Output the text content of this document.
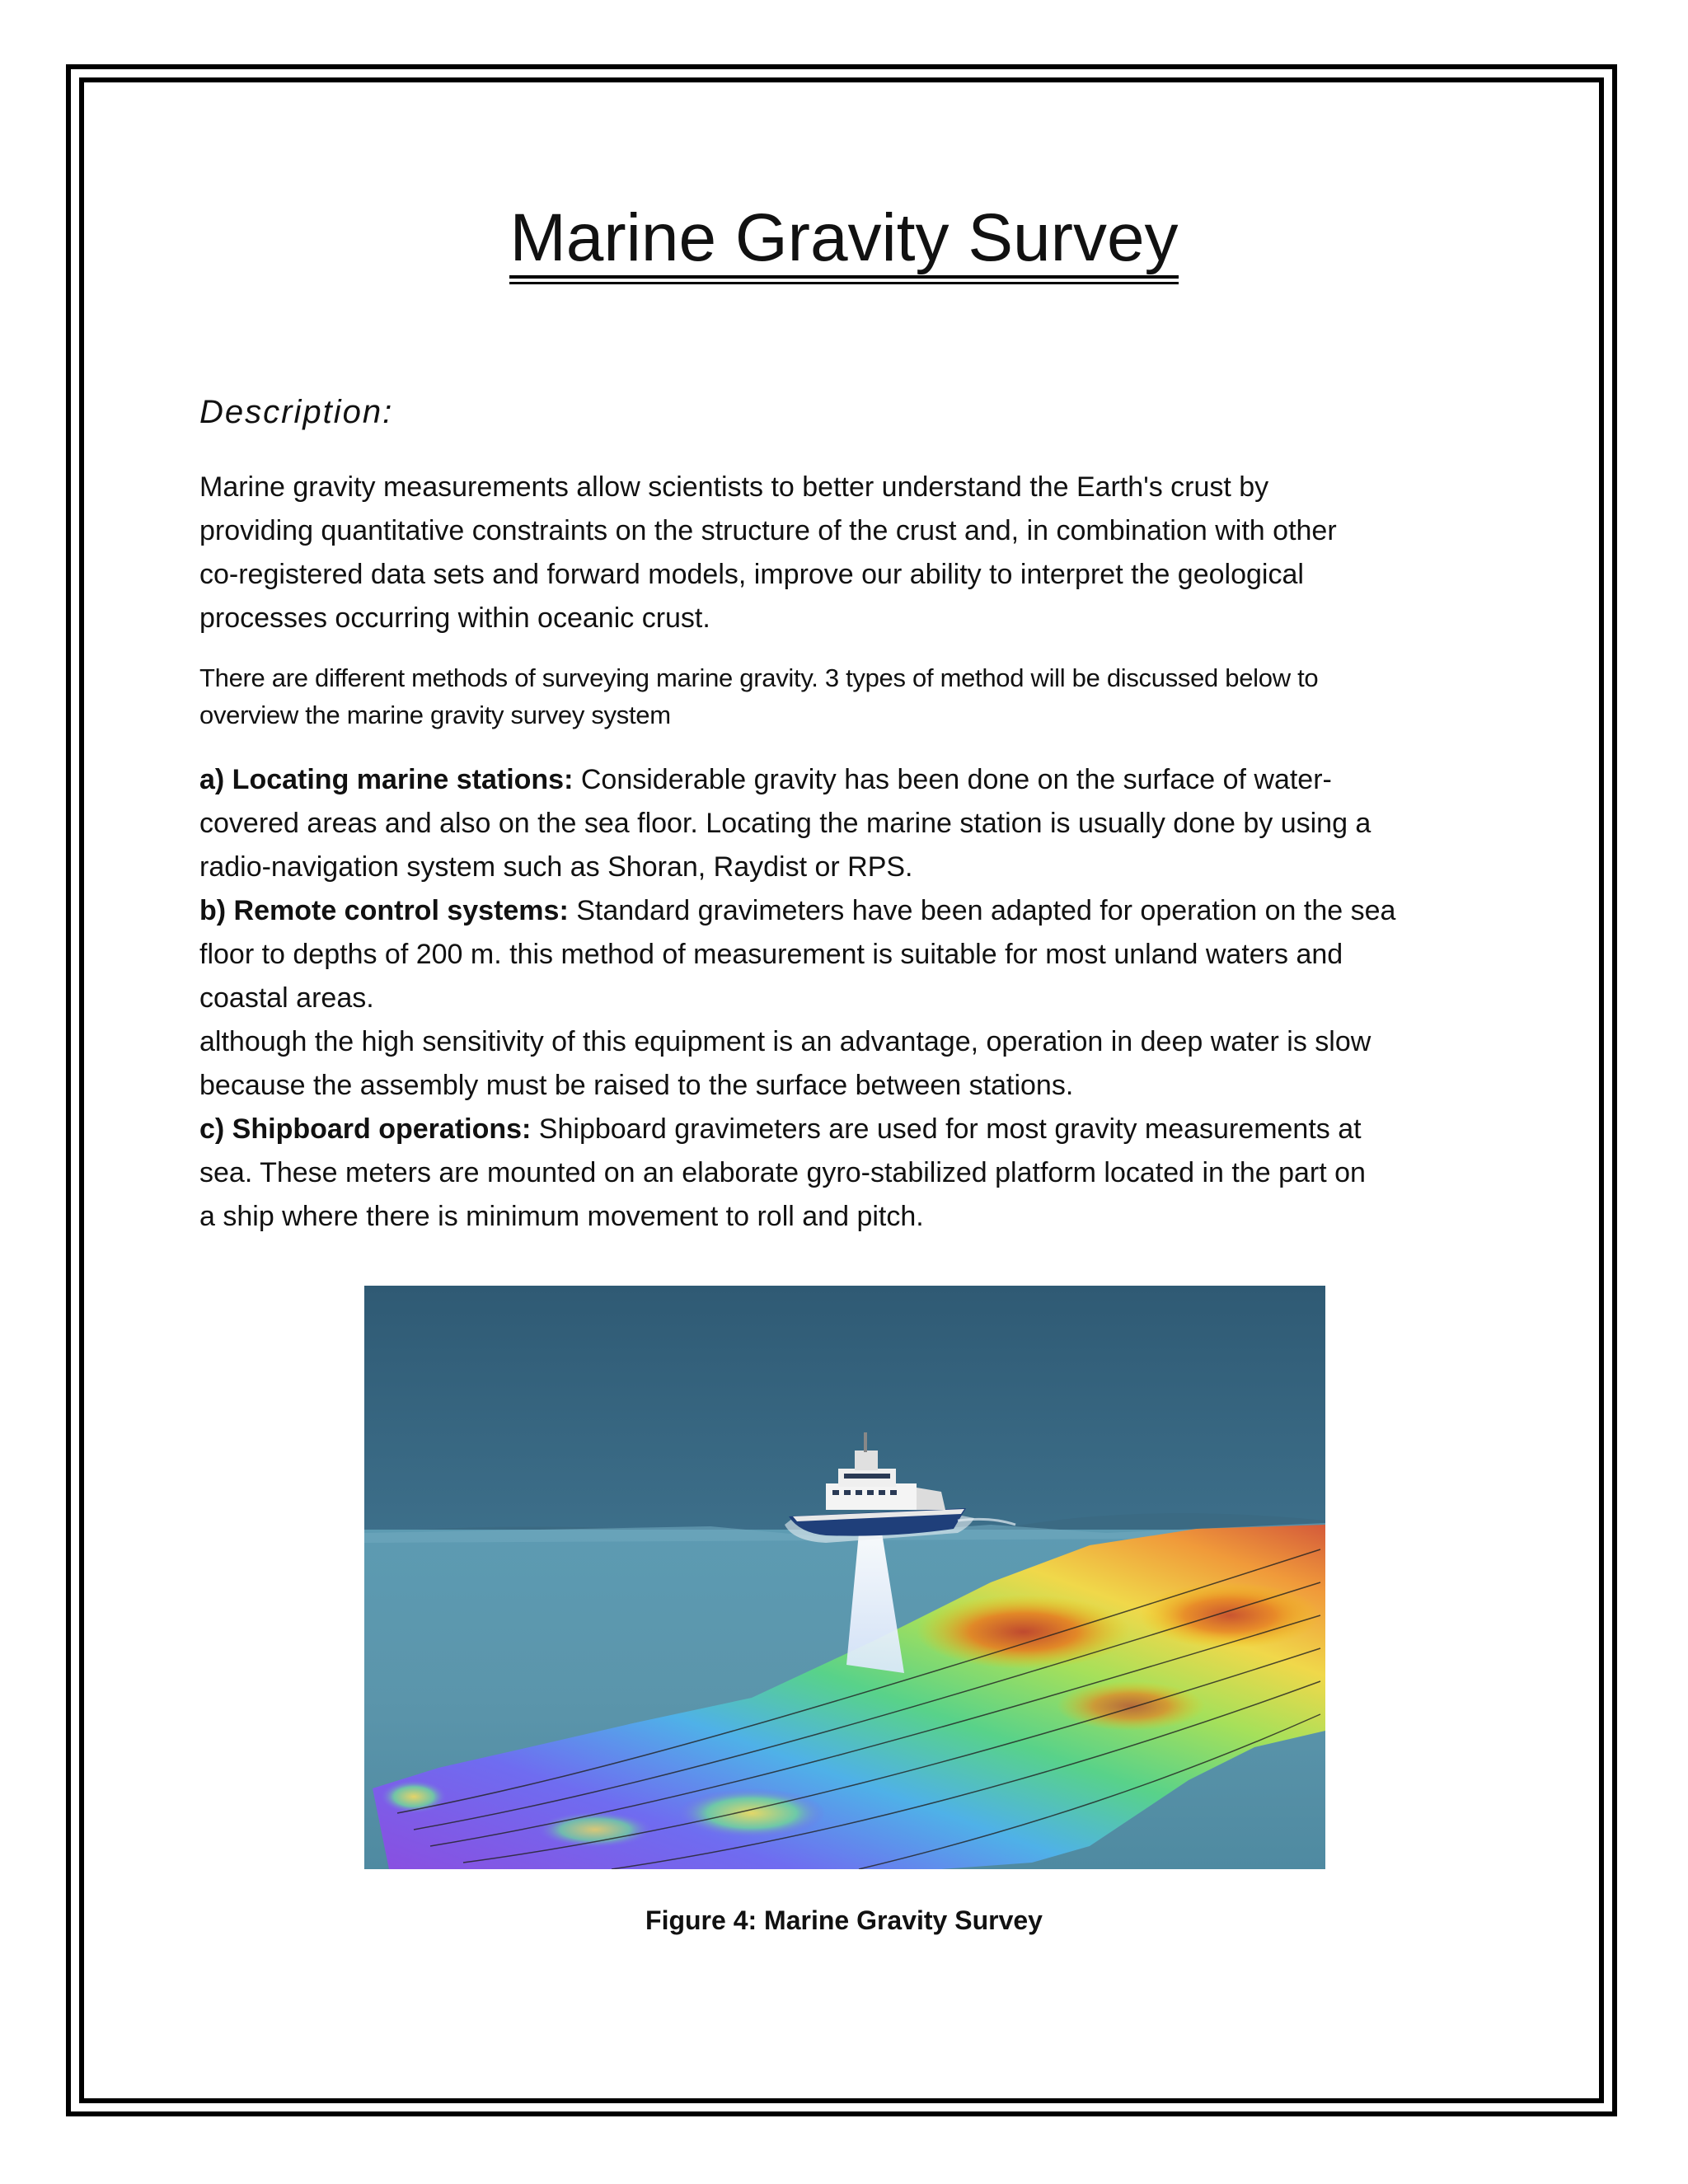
Marine Gravity Survey
Description:
Marine gravity measurements allow scientists to better understand the Earth's crust by
providing quantitative constraints on the structure of the crust and, in combination with other
co-registered data sets and forward models, improve our ability to interpret the geological
processes occurring within oceanic crust.
There are different methods of surveying marine gravity. 3 types of method will be discussed below to
overview the marine gravity survey system
a) Locating marine stations: Considerable gravity has been done on the surface of water-
covered areas and also on the sea floor. Locating the marine station is usually done by using a
radio-navigation system such as Shoran, Raydist or RPS.
b) Remote control systems: Standard gravimeters have been adapted for operation on the sea
floor to depths of 200 m. this method of measurement is suitable for most unland waters and
coastal areas.
although the high sensitivity of this equipment is an advantage, operation in deep water is slow
because the assembly must be raised to the surface between stations.
c) Shipboard operations: Shipboard gravimeters are used for most gravity measurements at
sea. These meters are mounted on an elaborate gyro-stabilized platform located in the part on
a ship where there is minimum movement to roll and pitch.
Figure 4: Marine Gravity Survey
